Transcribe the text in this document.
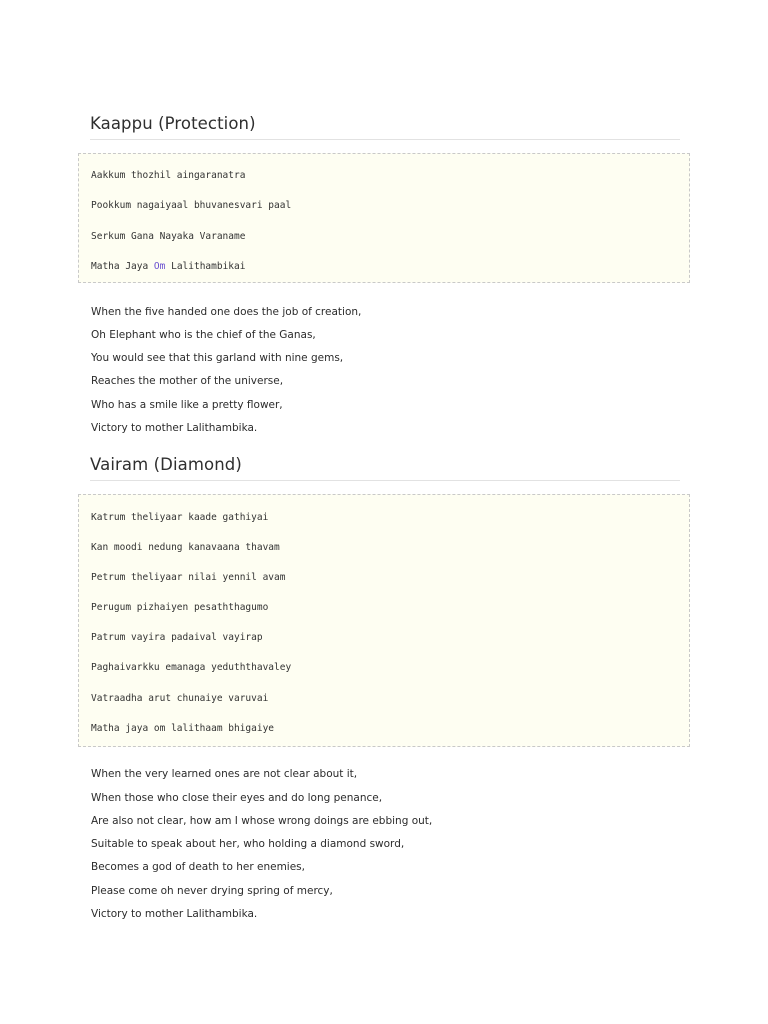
Kaappu (Protection)
Aakkum thozhil aingaranatra
Pookkum nagaiyaal bhuvanesvari paal
Serkum Gana Nayaka Varaname
Matha Jaya Om Lalithambikai
When the five handed one does the job of creation,
Oh Elephant who is the chief of the Ganas,
You would see that this garland with nine gems,
Reaches the mother of the universe,
Who has a smile like a pretty flower,
Victory to mother Lalithambika.
Vairam (Diamond)
Katrum theliyaar kaade gathiyai
Kan moodi nedung kanavaana thavam
Petrum theliyaar nilai yennil avam
Perugum pizhaiyen pesaththagumo
Patrum vayira padaival vayirap
Paghaivarkku emanaga yeduththavaley
Vatraadha arut chunaiye varuvai
Matha jaya om lalithaam bhigaiye
When the very learned ones are not clear about it,
When those who close their eyes and do long penance,
Are also not clear, how am I whose wrong doings are ebbing out,
Suitable to speak about her, who holding a diamond sword,
Becomes a god of death to her enemies,
Please come oh never drying spring of mercy,
Victory to mother Lalithambika.
